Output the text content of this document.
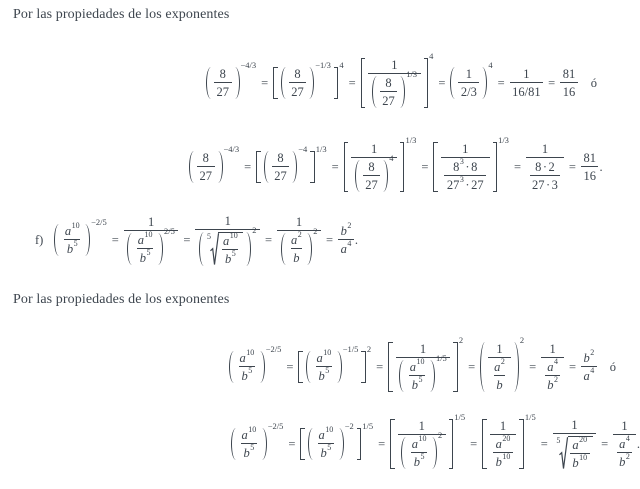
Por las propiedades de los exponentes
$\frac{8}{27}$
−4/3
= $\frac{8}{27}$
−1/3 4
= 1
$\frac{8}{27}$
1/3
4
= $\frac{1}{2/3}$
4
= $\frac{1}{16/81} = \frac{81}{16}$ ó
$\frac{8}{27}$
−4/3
= $\frac{8}{27}$
−4 1/3
= 1
$\frac{8}{27}$
4
1/3
= $\frac{1}{\frac{8 3 \cdot 8}{27 3 \cdot 27}}$
1/3
= $\frac{1}{\frac{8 \cdot 2}{27 \cdot 3}} = \frac{81}{16}$ .
$f) \frac{a 10}{b 5}$
−2/5
= 1
$\frac{a 10}{b 5}$
2/5 = 1
$5 \frac{a 10}{b 5}$
2 = 1
$\frac{a 2}{b}$
$2 = \frac{b 2}{a 4}$ .
Por las propiedades de los exponentes
$\frac{a 10}{b 5}$
−2/5
= $\frac{a 10}{b 5}$
−1/5 2
= 1
$\frac{a 10}{b 5}$
1/5
2
= $\frac{1}{\frac{a 2}{b}}$
2
= $\frac{1}{\frac{a 4}{b 2}} = \frac{b 2}{a 4}$ ó
$\frac{a 10}{b 5}$
−2/5
= $\frac{a 10}{b 5}$
−2 1/5
= 1
$\frac{a 10}{b 5}$
2
1/5
= $\frac{1}{\frac{a 20}{b 10}}$
1/5
= $\frac{1}{5 \frac{a 20}{b 10}} = \frac{1}{\frac{a 4}{b 2}}$ .
